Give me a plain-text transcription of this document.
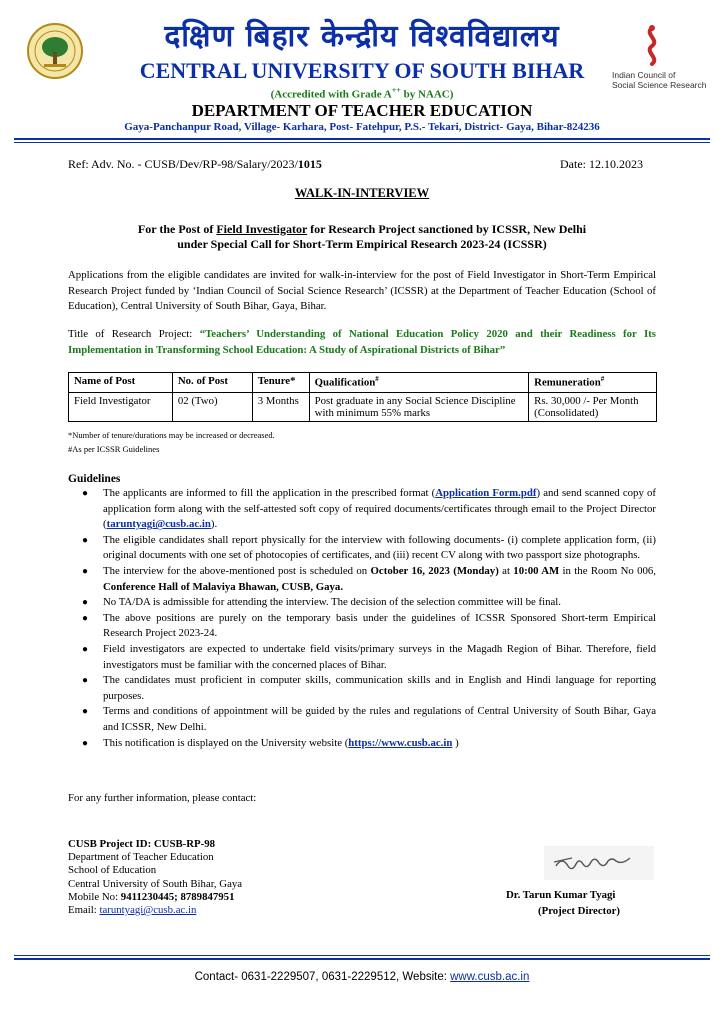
Indian Council of
Social Science Research
दक्षिण बिहार केन्द्रीय विश्वविद्यालय
CENTRAL UNIVERSITY OF SOUTH BIHAR
(Accredited with Grade A++ by NAAC)
DEPARTMENT OF TEACHER EDUCATION
Gaya-Panchanpur Road, Village- Karhara, Post- Fatehpur, P.S.- Tekari, District- Gaya, Bihar-824236
Ref: Adv. No. - CUSB/Dev/RP-98/Salary/2023/1015	Date: 12.10.2023
WALK-IN-INTERVIEW
For the Post of Field Investigator for Research Project sanctioned by ICSSR, New Delhi
under Special Call for Short-Term Empirical Research 2023-24 (ICSSR)
Applications from the eligible candidates are invited for walk-in-interview for the post of Field Investigator in Short-Term Empirical Research Project funded by ‘Indian Council of Social Science Research’ (ICSSR) at the Department of Teacher Education (School of Education), Central University of South Bihar, Gaya, Bihar.
Title of Research Project: “Teachers’ Understanding of National Education Policy 2020 and their Readiness for Its Implementation in Transforming School Education: A Study of Aspirational Districts of Bihar”
Name of Post	No. of Post	Tenure*	Qualification#	Remuneration#
Field Investigator	02 (Two)	3 Months	Post graduate in any Social Science Discipline with minimum 55% marks	Rs. 30,000 /- Per Month (Consolidated)
*Number of tenure/durations may be increased or decreased.
#As per ICSSR Guidelines
Guidelines
● The applicants are informed to fill the application in the prescribed format (Application Form.pdf) and send scanned copy of application form along with the self-attested soft copy of required documents/certificates through email to the Project Director (taruntyagi@cusb.ac.in).
● The eligible candidates shall report physically for the interview with following documents- (i) complete application form, (ii) original documents with one set of photocopies of certificates, and (iii) recent CV along with two passport size photographs.
● The interview for the above-mentioned post is scheduled on October 16, 2023 (Monday) at 10:00 AM in the Room No 006, Conference Hall of Malaviya Bhawan, CUSB, Gaya.
● No TA/DA is admissible for attending the interview. The decision of the selection committee will be final.
● The above positions are purely on the temporary basis under the guidelines of ICSSR Sponsored Short-term Empirical Research Project 2023-24.
● Field investigators are expected to undertake field visits/primary surveys in the Magadh Region of Bihar. Therefore, field investigators must be familiar with the concerned places of Bihar.
● The candidates must proficient in computer skills, communication skills and in English and Hindi language for reporting purposes.
● Terms and conditions of appointment will be guided by the rules and regulations of Central University of South Bihar, Gaya and ICSSR, New Delhi.
● This notification is displayed on the University website (https://www.cusb.ac.in )
For any further information, please contact:
CUSB Project ID: CUSB-RP-98
Department of Teacher Education
School of Education
Central University of South Bihar, Gaya
Mobile No: 9411230445; 8789847951
Email: taruntyagi@cusb.ac.in
Dr. Tarun Kumar Tyagi
(Project Director)
Contact- 0631-2229507, 0631-2229512, Website: www.cusb.ac.in
